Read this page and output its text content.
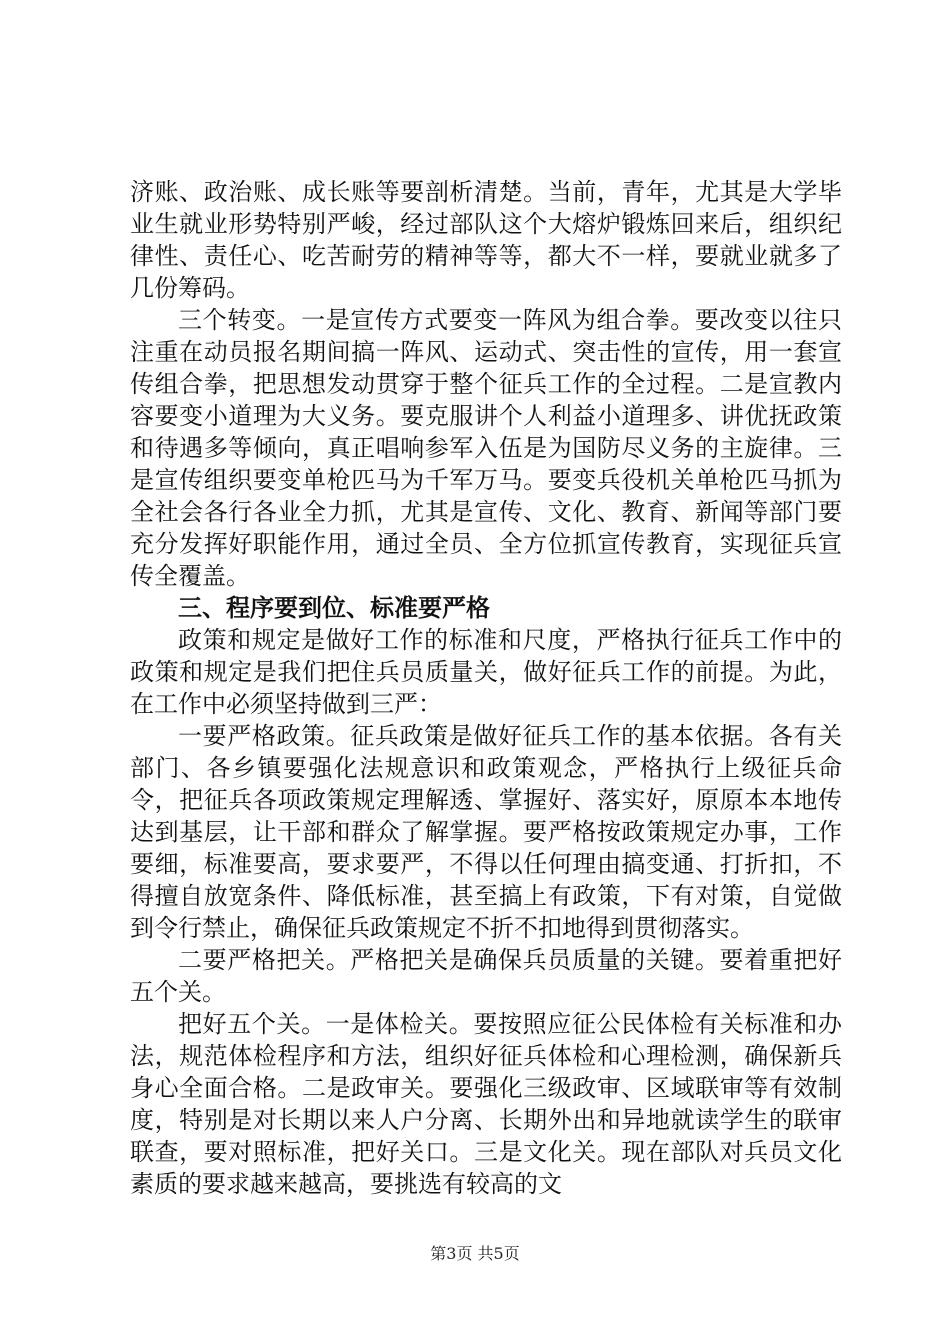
济账、政治账、成长账等要剖析清楚。当前，青年，尤其是大学毕业生就业形势特别严峻，经过部队这个大熔炉锻炼回来后，组织纪律性、责任心、吃苦耐劳的精神等等，都大不一样，要就业就多了几份筹码。

三个转变。一是宣传方式要变一阵风为组合拳。要改变以往只注重在动员报名期间搞一阵风、运动式、突击性的宣传，用一套宣传组合拳，把思想发动贯穿于整个征兵工作的全过程。二是宣教内容要变小道理为大义务。要克服讲个人利益小道理多、讲优抚政策和待遇多等倾向，真正唱响参军入伍是为国防尽义务的主旋律。三是宣传组织要变单枪匹马为千军万马。要变兵役机关单枪匹马抓为全社会各行各业全力抓，尤其是宣传、文化、教育、新闻等部门要充分发挥好职能作用，通过全员、全方位抓宣传教育，实现征兵宣传全覆盖。

三、程序要到位、标准要严格

政策和规定是做好工作的标准和尺度，严格执行征兵工作中的政策和规定是我们把住兵员质量关，做好征兵工作的前提。为此，在工作中必须坚持做到三严：

一要严格政策。征兵政策是做好征兵工作的基本依据。各有关部门、各乡镇要强化法规意识和政策观念，严格执行上级征兵命令，把征兵各项政策规定理解透、掌握好、落实好，原原本本地传达到基层，让干部和群众了解掌握。要严格按政策规定办事，工作要细，标准要高，要求要严，不得以任何理由搞变通、打折扣，不得擅自放宽条件、降低标准，甚至搞上有政策，下有对策，自觉做到令行禁止，确保征兵政策规定不折不扣地得到贯彻落实。

二要严格把关。严格把关是确保兵员质量的关键。要着重把好五个关。

把好五个关。一是体检关。要按照应征公民体检有关标准和办法，规范体检程序和方法，组织好征兵体检和心理检测，确保新兵身心全面合格。二是政审关。要强化三级政审、区域联审等有效制度，特别是对长期以来人户分离、长期外出和异地就读学生的联审联查，要对照标准，把好关口。三是文化关。现在部队对兵员文化素质的要求越来越高，要挑选有较高的文

第3页 共5页
